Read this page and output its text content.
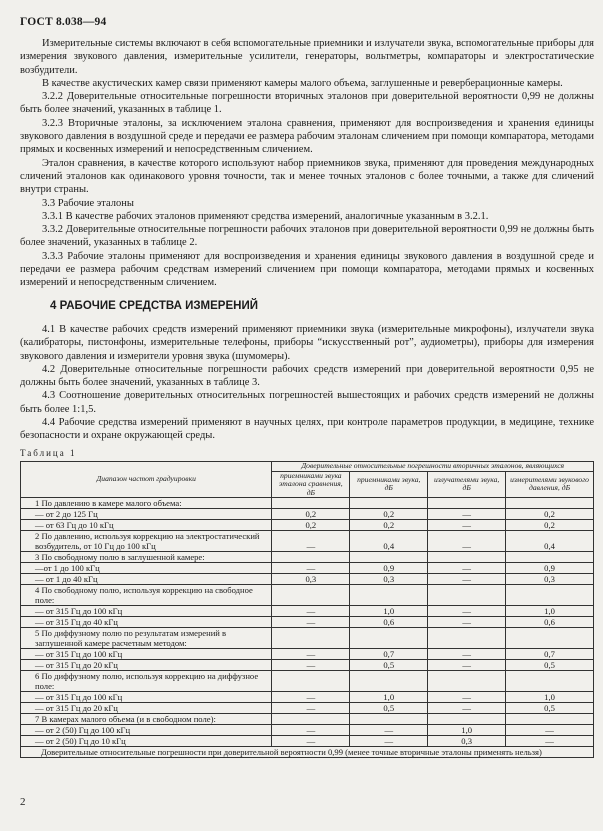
ГОСТ 8.038—94

Измерительные системы включают в себя вспомогательные приемники и излучатели звука, вспомогательные приборы для измерения звукового давления, измерительные усилители, генераторы, вольтметры, компараторы и электростатические возбудители.

В качестве акустических камер связи применяют камеры малого объема, заглушенные и реверберационные камеры.

3.2.2 Доверительные относительные погрешности вторичных эталонов при доверительной вероятности 0,99 не должны быть более значений, указанных в таблице 1.

3.2.3 Вторичные эталоны, за исключением эталона сравнения, применяют для воспроизведения и хранения единицы звукового давления в воздушной среде и передачи ее размера рабочим эталонам сличением при помощи компаратора, методами прямых и косвенных измерений и непосредственным сличением.

Эталон сравнения, в качестве которого используют набор приемников звука, применяют для проведения международных сличений эталонов как одинакового уровня точности, так и менее точных эталонов с более точными, а также для сличений внутри страны.

3.3 Рабочие эталоны

3.3.1 В качестве рабочих эталонов применяют средства измерений, аналогичные указанным в 3.2.1.

3.3.2 Доверительные относительные погрешности рабочих эталонов при доверительной вероятности 0,99 не должны быть более значений, указанных в таблице 2.

3.3.3 Рабочие эталоны применяют для воспроизведения и хранения единицы звукового давления в воздушной среде и передачи ее размера рабочим средствам измерений сличением при помощи компаратора, методами прямых и косвенных измерений и непосредственным сличением.

4 РАБОЧИЕ СРЕДСТВА ИЗМЕРЕНИЙ

4.1 В качестве рабочих средств измерений применяют приемники звука (измерительные микрофоны), излучатели звука (калибраторы, пистонфоны, измерительные телефоны, приборы “искусственный рот”, аудиометры), приборы для измерения звукового давления и измерители уровня звука (шумомеры).

4.2 Доверительные относительные погрешности рабочих средств измерений при доверительной вероятности 0,95 не должны быть более значений, указанных в таблице 3.

4.3 Соотношение доверительных относительных погрешностей вышестоящих и рабочих средств измерений не должны быть более 1:1,5.

4.4 Рабочие средства измерений применяют в научных целях, при контроле параметров продукции, в медицине, технике безопасности и охране окружающей среды.

Таблица 1

Диапазон частот градуировки	Доверительные относительные погрешности вторичных эталонов, являющихся			
	приемниками звука эталона сравнения, дБ	приемниками звука, дБ	излучателями звука, дБ	измерителями звукового давления, дБ
1 По давлению в камере малого объема:				
— от 2 до 125 Гц	0,2	0,2	—	0,2
— от 63 Гц до 10 кГц	0,2	0,2	—	0,2
2 По давлению, используя коррекцию на электростатический возбудитель, от 10 Гц до 100 кГц	—	0,4	—	0,4
3 По свободному полю в заглушенной камере:				
—от 1 до 100 кГц	—	0,9	—	0,9
— от 1 до 40 кГц	0,3	0,3	—	0,3
4 По свободному полю, используя коррекцию на свободное поле:				
— от 315 Гц до 100 кГц	—	1,0	—	1,0
— от 315 Гц до 40 кГц	—	0,6	—	0,6
5 По диффузному полю по результатам измерений в заглушенной камере расчетным методом:				
— от 315 Гц до 100 кГц	—	0,7	—	0,7
— от 315 Гц до 20 кГц	—	0,5	—	0,5
6 По диффузному полю, используя коррекцию на диффузное поле:				
— от 315 Гц до 100 кГц	—	1,0	—	1,0
— от 315 Гц до 20 кГц	—	0,5	—	0,5
7 В камерах малого объема (и в свободном поле):				
— от 2 (50) Гц до 100 кГц	—	—	1,0	—
— от 2 (50) Гц до 10 кГц	—	—	0,3	—
Доверительные относительные погрешности при доверительной вероятности 0,99 (менее точные вторичные эталоны применять нельзя)				
2
